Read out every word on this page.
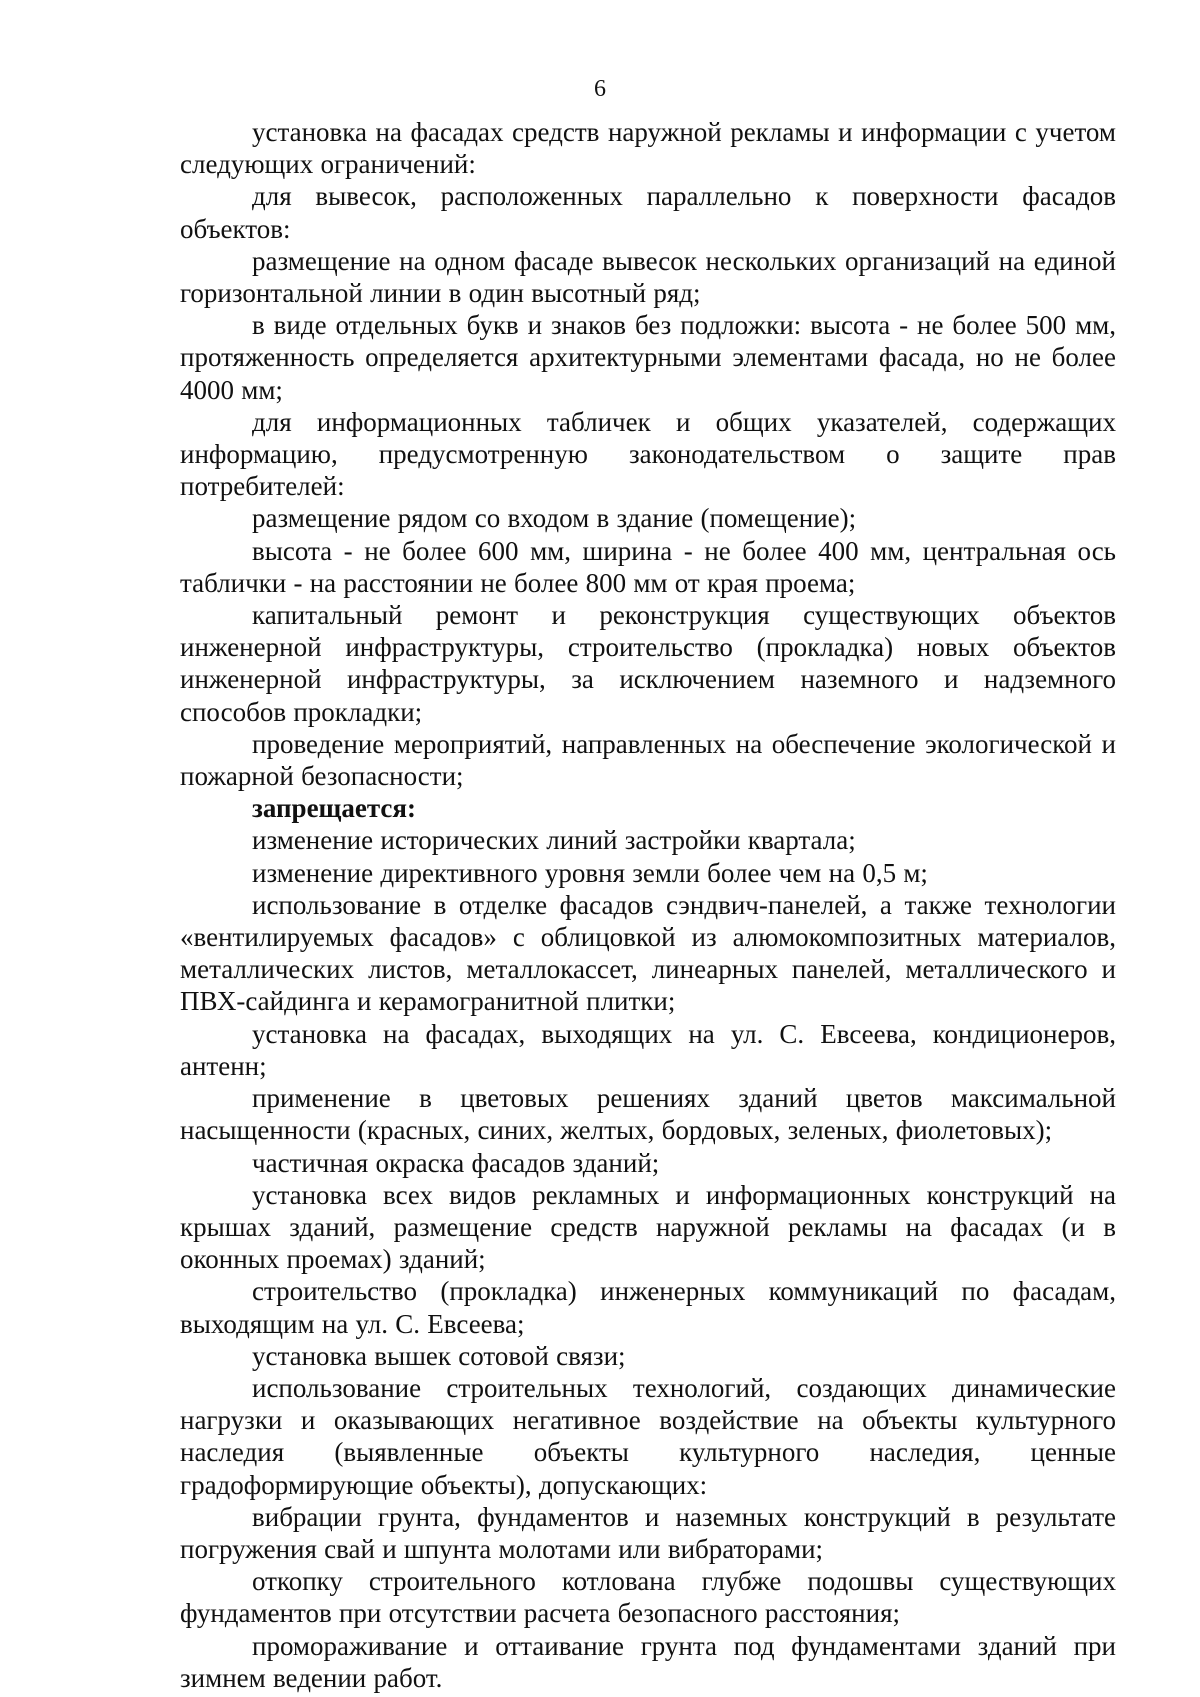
6

установка на фасадах средств наружной рекламы и информации с учетом следующих ограничений:

для вывесок, расположенных параллельно к поверхности фасадов объектов:

размещение на одном фасаде вывесок нескольких организаций на единой горизонтальной линии в один высотный ряд;

в виде отдельных букв и знаков без подложки: высота - не более 500 мм, протяженность определяется архитектурными элементами фасада, но не более 4000 мм;

для информационных табличек и общих указателей, содержащих информацию, предусмотренную законодательством о защите прав потребителей:

размещение рядом со входом в здание (помещение);

высота - не более 600 мм, ширина - не более 400 мм, центральная ось таблички - на расстоянии не более 800 мм от края проема;

капитальный ремонт и реконструкция существующих объектов инженерной инфраструктуры, строительство (прокладка) новых объектов инженерной инфраструктуры, за исключением наземного и надземного способов прокладки;

проведение мероприятий, направленных на обеспечение экологической и пожарной безопасности;

запрещается:

изменение исторических линий застройки квартала;

изменение директивного уровня земли более чем на 0,5 м;

использование в отделке фасадов сэндвич-панелей, а также технологии «вентилируемых фасадов» с облицовкой из алюмокомпозитных материалов, металлических листов, металлокассет, линеарных панелей, металлического и ПВХ-сайдинга и керамогранитной плитки;

установка на фасадах, выходящих на ул. С. Евсеева, кондиционеров, антенн;

применение в цветовых решениях зданий цветов максимальной насыщенности (красных, синих, желтых, бордовых, зеленых, фиолетовых);

частичная окраска фасадов зданий;

установка всех видов рекламных и информационных конструкций на крышах зданий, размещение средств наружной рекламы на фасадах (и в оконных проемах) зданий;

строительство (прокладка) инженерных коммуникаций по фасадам, выходящим на ул. С. Евсеева;

установка вышек сотовой связи;

использование строительных технологий, создающих динамические нагрузки и оказывающих негативное воздействие на объекты культурного наследия (выявленные объекты культурного наследия, ценные градоформирующие объекты), допускающих:

вибрации грунта, фундаментов и наземных конструкций в результате погружения свай и шпунта молотами или вибраторами;

откопку строительного котлована глубже подошвы существующих фундаментов при отсутствии расчета безопасного расстояния;

промораживание и оттаивание грунта под фундаментами зданий при зимнем ведении работ.
